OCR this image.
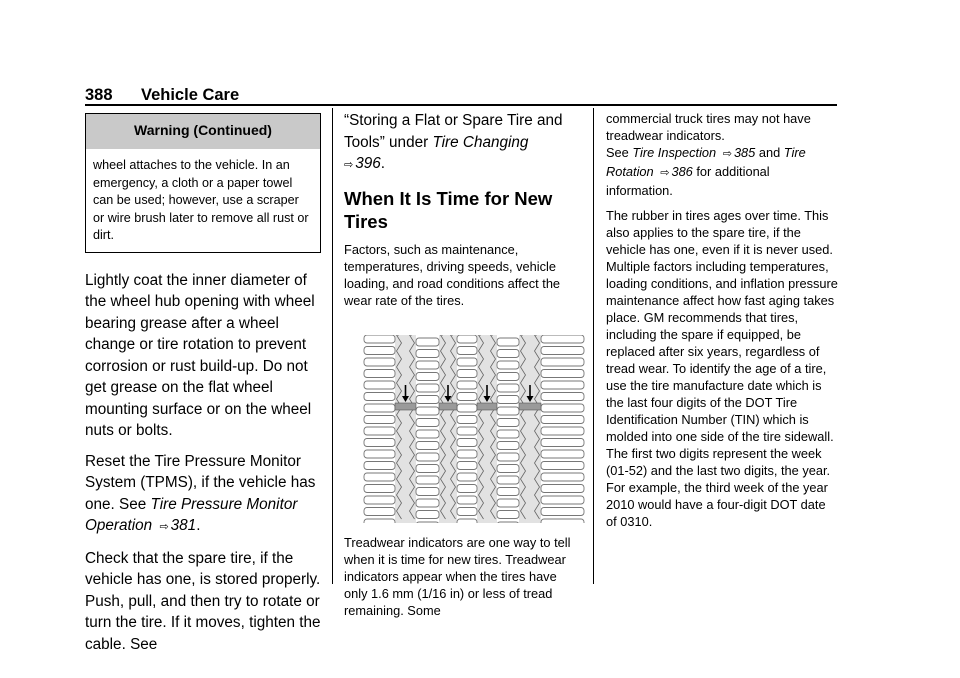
388 Vehicle Care
Warning (Continued)
wheel attaches to the vehicle. In an emergency, a cloth or a paper towel can be used; however, use a scraper or wire brush later to remove all rust or dirt.

Lightly coat the inner diameter of the wheel hub opening with wheel bearing grease after a wheel change or tire rotation to prevent corrosion or rust build-up. Do not get grease on the flat wheel mounting surface or on the wheel nuts or bolts.

Reset the Tire Pressure Monitor System (TPMS), if the vehicle has one. See Tire Pressure Monitor Operation ⇨ 381.

Check that the spare tire, if the vehicle has one, is stored properly. Push, pull, and then try to rotate or turn the tire. If it moves, tighten the cable. See

“Storing a Flat or Spare Tire and Tools” under Tire Changing
⇨ 396.

When It Is Time for New Tires

Factors, such as maintenance, temperatures, driving speeds, vehicle loading, and road conditions affect the wear rate of the tires.

Treadwear indicators are one way to tell when it is time for new tires. Treadwear indicators appear when the tires have only 1.6 mm (1/16 in) or less of tread remaining. Some

commercial truck tires may not have treadwear indicators.
See Tire Inspection ⇨ 385 and Tire Rotation ⇨ 386 for additional information.

The rubber in tires ages over time. This also applies to the spare tire, if the vehicle has one, even if it is never used. Multiple factors including temperatures, loading conditions, and inflation pressure maintenance affect how fast aging takes place. GM recommends that tires, including the spare if equipped, be replaced after six years, regardless of tread wear. To identify the age of a tire, use the tire manufacture date which is the last four digits of the DOT Tire Identification Number (TIN) which is molded into one side of the tire sidewall. The first two digits represent the week (01-52) and the last two digits, the year. For example, the third week of the year 2010 would have a four-digit DOT date of 0310.
